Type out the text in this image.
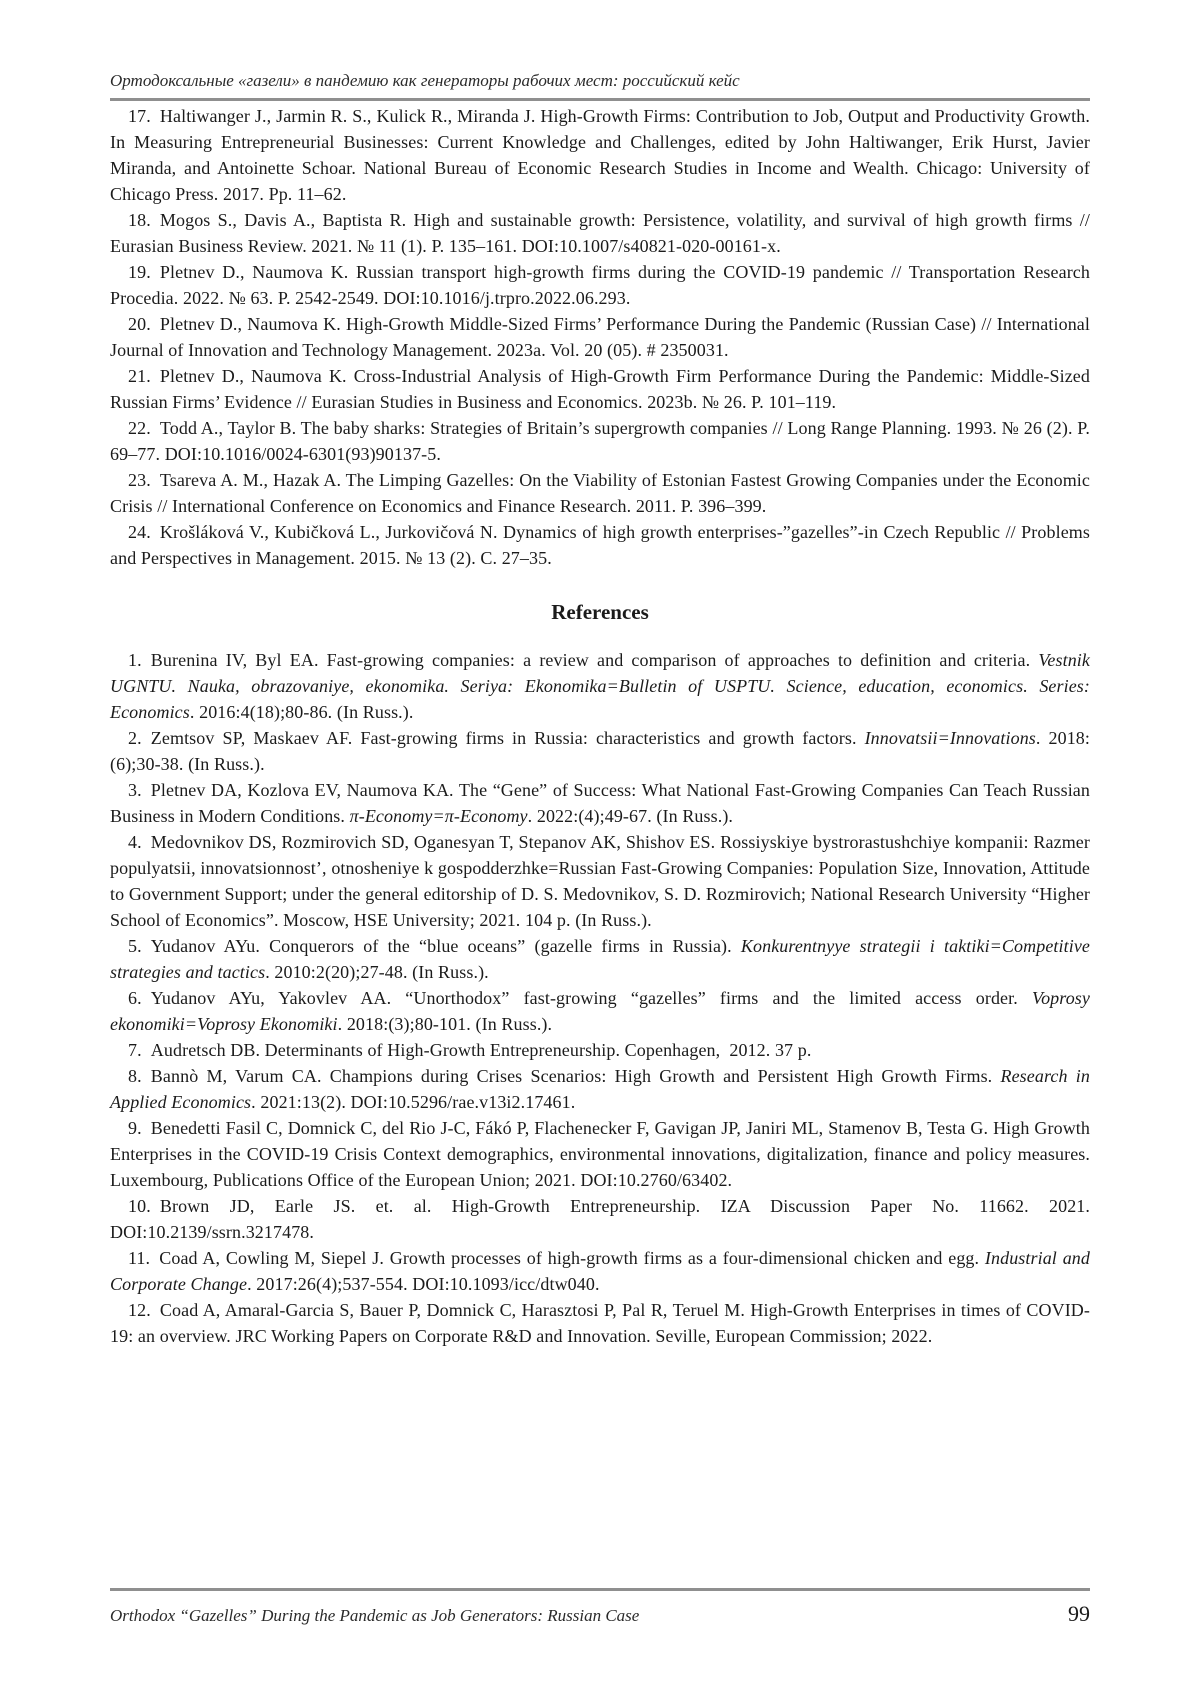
Ортодоксальные «газели» в пандемию как генераторы рабочих мест: российский кейс

17. Haltiwanger J., Jarmin R. S., Kulick R., Miranda J. High-Growth Firms: Contribution to Job, Output and Productivity Growth. In Measuring Entrepreneurial Businesses: Current Knowledge and Challenges, edited by John Haltiwanger, Erik Hurst, Javier Miranda, and Antoinette Schoar. National Bureau of Economic Research Studies in Income and Wealth. Chicago: University of Chicago Press. 2017. Pp. 11–62.

18. Mogos S., Davis A., Baptista R. High and sustainable growth: Persistence, volatility, and survival of high growth firms // Eurasian Business Review. 2021. № 11 (1). P. 135–161. DOI:10.1007/s40821-020-00161-x.

19. Pletnev D., Naumova K. Russian transport high-growth firms during the COVID-19 pandemic // Transportation Research Procedia. 2022. № 63. P. 2542-2549. DOI:10.1016/j.trpro.2022.06.293.

20. Pletnev D., Naumova K. High-Growth Middle-Sized Firms’ Performance During the Pandemic (Russian Case) // International Journal of Innovation and Technology Management. 2023a. Vol. 20 (05). # 2350031.

21. Pletnev D., Naumova K. Cross-Industrial Analysis of High-Growth Firm Performance During the Pandemic: Middle-Sized Russian Firms’ Evidence // Eurasian Studies in Business and Economics. 2023b. № 26. P. 101–119.

22. Todd A., Taylor B. The baby sharks: Strategies of Britain’s supergrowth companies // Long Range Planning. 1993. № 26 (2). P. 69–77. DOI:10.1016/0024-6301(93)90137-5.

23. Tsareva A. M., Hazak A. The Limping Gazelles: On the Viability of Estonian Fastest Growing Companies under the Economic Crisis // International Conference on Economics and Finance Research. 2011. P. 396–399.

24. Krošláková V., Kubičková L., Jurkovičová N. Dynamics of high growth enterprises-”gazelles”-in Czech Republic // Problems and Perspectives in Management. 2015. № 13 (2). C. 27–35.

References

1. Burenina IV, Byl EA. Fast-growing companies: a review and comparison of approaches to definition and criteria. Vestnik UGNTU. Nauka, obrazovaniye, ekonomika. Seriya: Ekonomika=Bulletin of USPTU. Science, education, economics. Series: Economics. 2016:4(18);80-86. (In Russ.).

2. Zemtsov SP, Maskaev AF. Fast-growing firms in Russia: characteristics and growth factors. Innovatsii=Innovations. 2018:(6);30-38. (In Russ.).

3. Pletnev DA, Kozlova EV, Naumova KA. The “Gene” of Success: What National Fast-Growing Companies Can Teach Russian Business in Modern Conditions. π-Economy=π-Economy. 2022:(4);49-67. (In Russ.).

4. Medovnikov DS, Rozmirovich SD, Oganesyan T, Stepanov AK, Shishov ES. Rossiyskiye bystrorastushchiye kompanii: Razmer populyatsii, innovatsionnost’, otnosheniye k gospodderzhke=Russian Fast-Growing Companies: Population Size, Innovation, Attitude to Government Support; under the general editorship of D. S. Medovnikov, S. D. Rozmirovich; National Research University “Higher School of Economics”. Moscow, HSE University; 2021. 104 p. (In Russ.).

5. Yudanov AYu. Conquerors of the “blue oceans” (gazelle firms in Russia). Konkurentnyye strategii i taktiki=Competitive strategies and tactics. 2010:2(20);27-48. (In Russ.).

6. Yudanov AYu, Yakovlev AA. “Unorthodox” fast-growing “gazelles” firms and the limited access order. Voprosy ekonomiki=Voprosy Ekonomiki. 2018:(3);80-101. (In Russ.).

7. Audretsch DB. Determinants of High-Growth Entrepreneurship. Copenhagen, 2012. 37 p.

8. Bannò M, Varum CA. Champions during Crises Scenarios: High Growth and Persistent High Growth Firms. Research in Applied Economics. 2021:13(2). DOI:10.5296/rae.v13i2.17461.

9. Benedetti Fasil C, Domnick C, del Rio J-C, Fákó P, Flachenecker F, Gavigan JP, Janiri ML, Stamenov B, Testa G. High Growth Enterprises in the COVID-19 Crisis Context demographics, environmental innovations, digitalization, finance and policy measures. Luxembourg, Publications Office of the European Union; 2021. DOI:10.2760/63402.

10. Brown JD, Earle JS. et. al. High-Growth Entrepreneurship. IZA Discussion Paper No. 11662. 2021. DOI:10.2139/ssrn.3217478.

11. Coad A, Cowling M, Siepel J. Growth processes of high-growth firms as a four-dimensional chicken and egg. Industrial and Corporate Change. 2017:26(4);537-554. DOI:10.1093/icc/dtw040.

12. Coad A, Amaral-Garcia S, Bauer P, Domnick C, Harasztosi P, Pal R, Teruel M. High-Growth Enterprises in times of COVID-19: an overview. JRC Working Papers on Corporate R&D and Innovation. Seville, European Commission; 2022.

Orthodox “Gazelles” During the Pandemic as Job Generators: Russian Case	99
